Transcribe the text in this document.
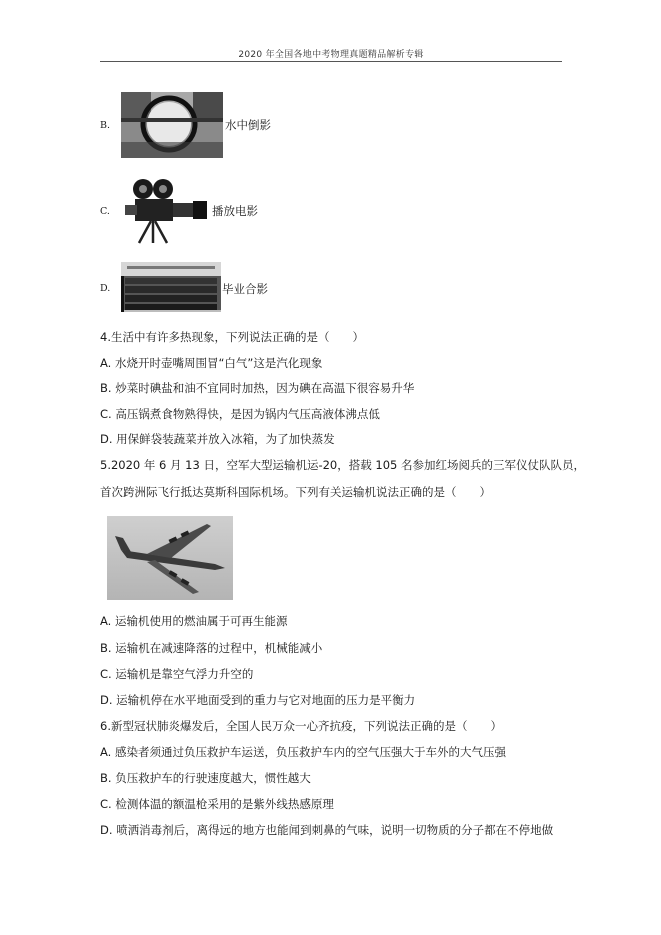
2020 年全国各地中考物理真题精品解析专辑
B.	水中倒影
C.	播放电影
D.	毕业合影
4.生活中有许多热现象，下列说法正确的是（　　）
A. 水烧开时壶嘴周围冒“白气”这是汽化现象
B. 炒菜时碘盐和油不宜同时加热，因为碘在高温下很容易升华
C. 高压锅煮食物熟得快，是因为锅内气压高液体沸点低
D. 用保鲜袋装蔬菜并放入冰箱，为了加快蒸发
5.2020 年 6 月 13 日，空军大型运输机运-20，搭载 105 名参加红场阅兵的三军仪仗队队员，
首次跨洲际飞行抵达莫斯科国际机场。下列有关运输机说法正确的是（　　）
A. 运输机使用的燃油属于可再生能源
B. 运输机在减速降落的过程中，机械能减小
C. 运输机是靠空气浮力升空的
D. 运输机停在水平地面受到的重力与它对地面的压力是平衡力
6.新型冠状肺炎爆发后，全国人民万众一心齐抗疫，下列说法正确的是（　　）
A. 感染者须通过负压救护车运送，负压救护车内的空气压强大于车外的大气压强
B. 负压救护车的行驶速度越大，惯性越大
C. 检测体温的额温枪采用的是紫外线热感原理
D. 喷洒消毒剂后，离得远的地方也能闻到刺鼻的气味，说明一切物质的分子都在不停地做
